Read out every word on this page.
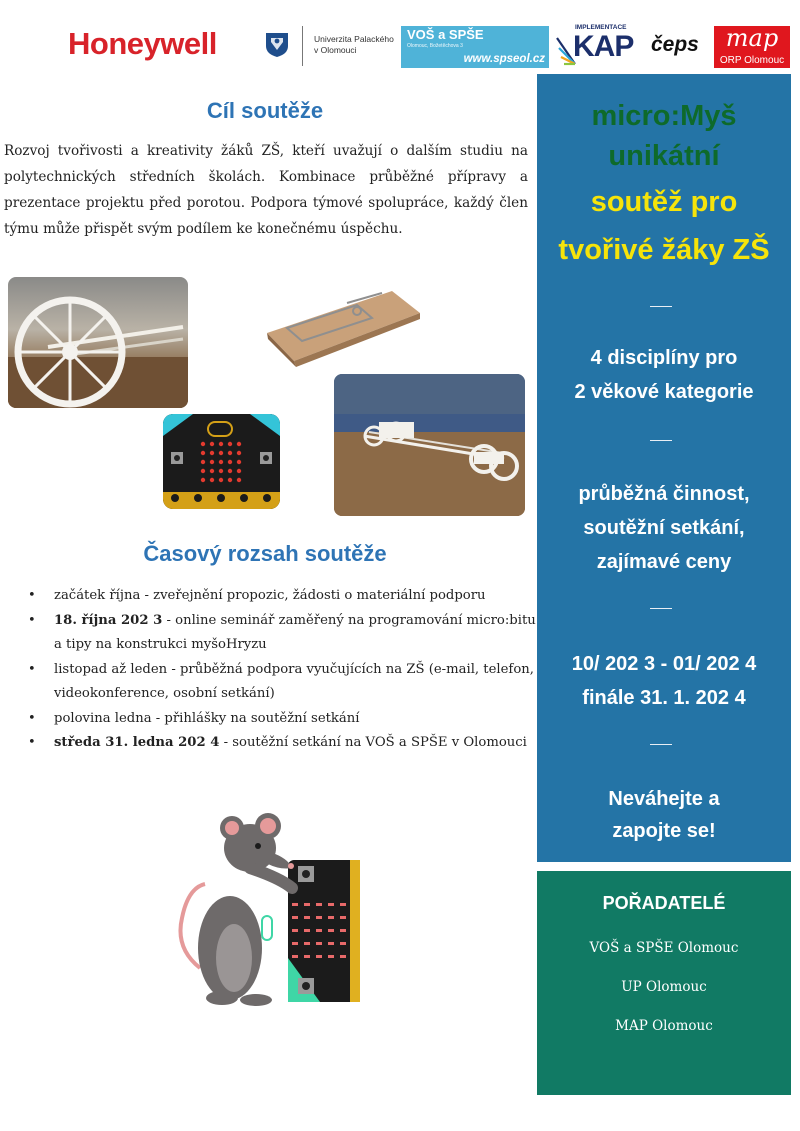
Honeywell	Univerzita Palackého
v Olomouci
VOŠ a SPŠE
Olomouc, Božetěchova 3
www.spseol.cz
IMPLEMENTACE
KAP čeps	map
ORP Olomouc
Cíl soutěže

Rozvoj tvořivosti a kreativity žáků ZŠ, kteří uvažují o dalším studiu na polytechnických středních školách. Kombinace průběžné přípravy a prezentace projektu před porotou. Podpora týmové spolupráce, každý člen týmu může přispět svým podílem ke konečnému úspěchu.

Časový rozsah soutěže
• začátek října - zveřejnění propozic, žádosti o materiální podporu
• 18. října 202 3 - online seminář zaměřený na programování micro:bitu a tipy na konstrukci myšoHryzu
• listopad až leden - průběžná podpora vyučujících na ZŠ (e-mail, telefon, videokonference, osobní setkání)
• polovina ledna - přihlášky na soutěžní setkání
• středa 31. ledna 202 4 - soutěžní setkání na VOŠ a SPŠE v Olomouci
micro:Myš
unikátní
soutěž pro
tvořivé žáky ZŠ
4 disciplíny pro
2 věkové kategorie
průběžná činnost,
soutěžní setkání,
zajímavé ceny
10/ 202 3 - 01/ 202 4
finále 31. 1. 202 4
Neváhejte a
zapojte se!
POŘADATELÉ
VOŠ a SPŠE Olomouc
UP Olomouc
MAP Olomouc
